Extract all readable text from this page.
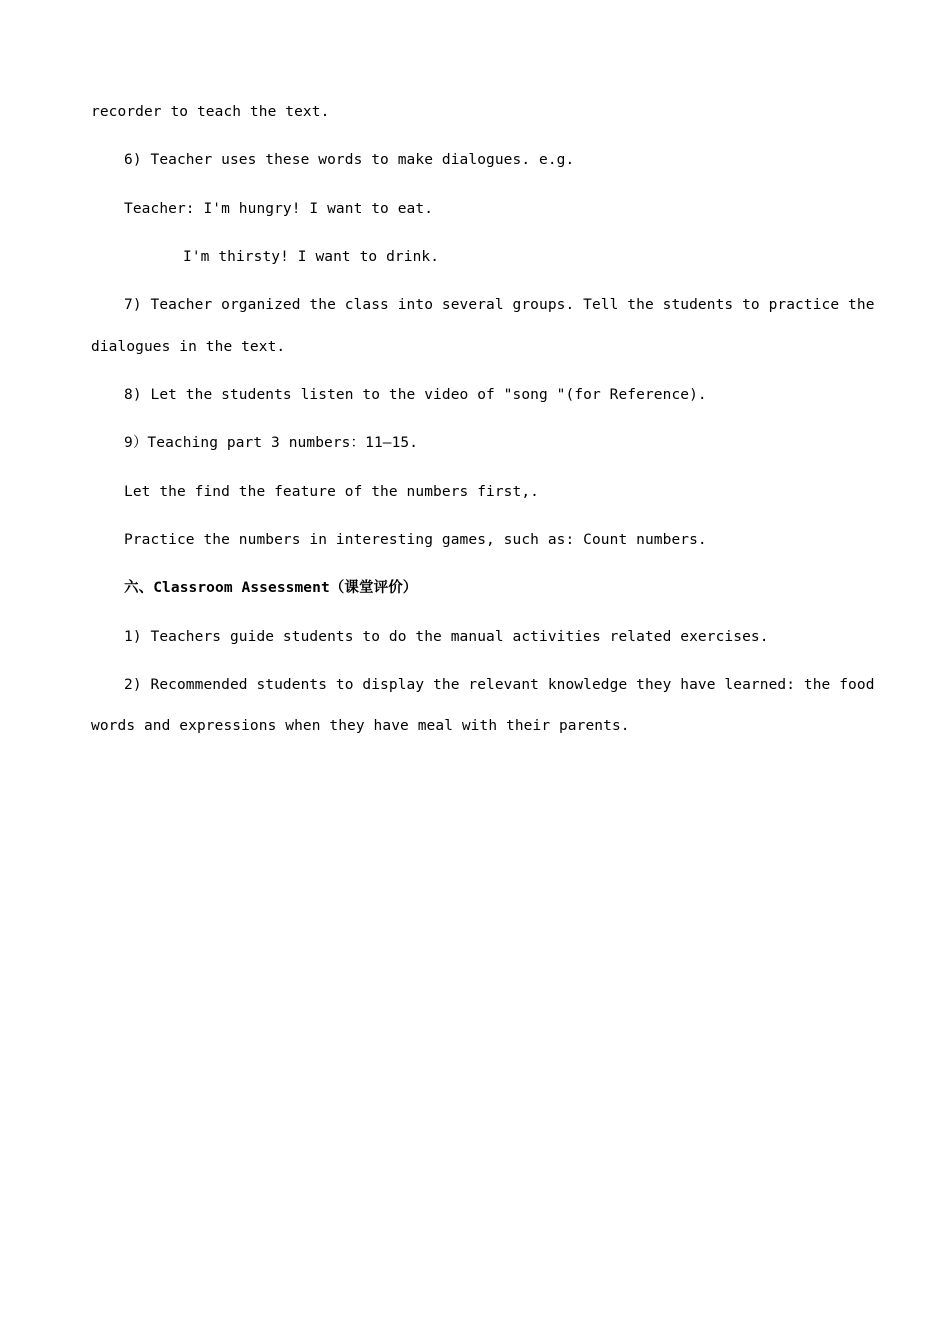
recorder to teach the text.
6) Teacher uses these words to make dialogues. e.g.
Teacher: I'm hungry! I want to eat.
I'm thirsty! I want to drink.
7) Teacher organized the class into several groups. Tell the students to practice the
dialogues in the text.
8) Let the students listen to the video of "song "(for Reference).
9）Teaching part 3 numbers：11—15.
Let the find the feature of the numbers first,.
Practice the numbers in interesting games, such as: Count numbers.
六、Classroom Assessment（课堂评价）
1) Teachers guide students to do the manual activities related exercises.
2) Recommended students to display the relevant knowledge they have learned: the food
words and expressions when they have meal with their parents.
